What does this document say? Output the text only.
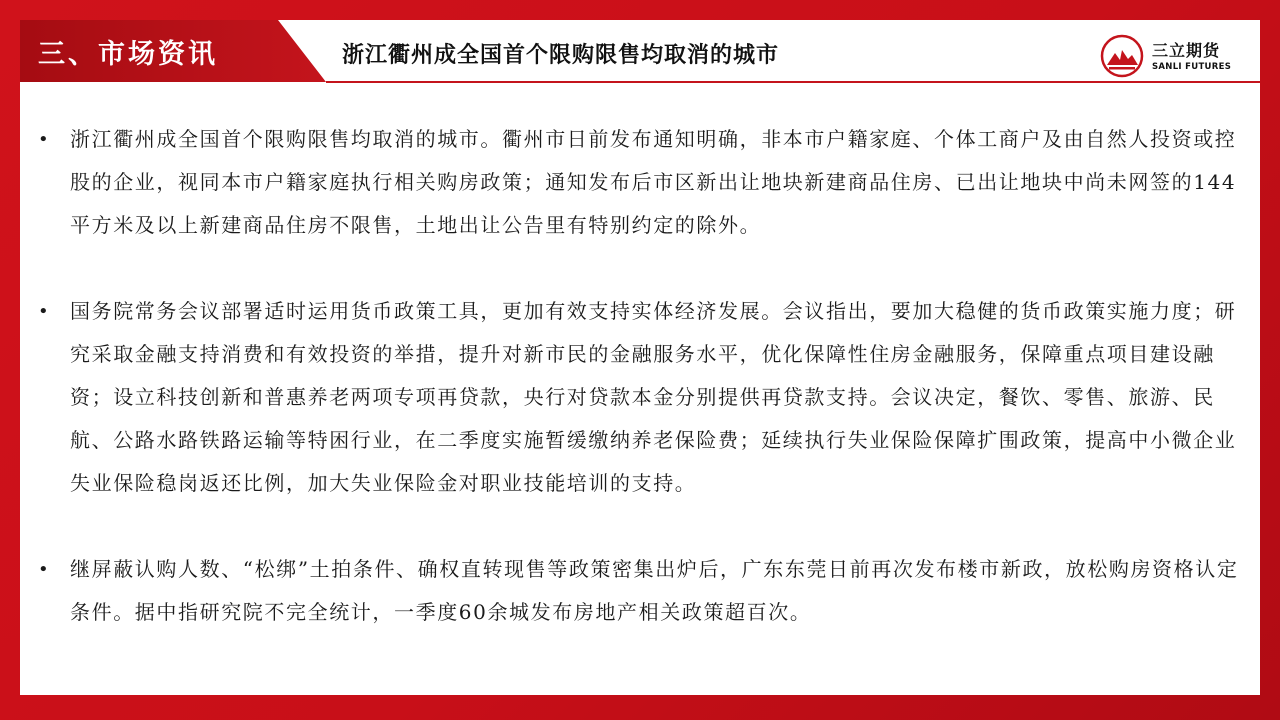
三、市场资讯	浙江衢州成全国首个限购限售均取消的城市	三立期货
SANLI FUTURES
• 浙江衢州成全国首个限购限售均取消的城市。衢州市日前发布通知明确，非本市户籍家庭、个体工商户及由自然人投资或控股的企业，视同本市户籍家庭执行相关购房政策；通知发布后市区新出让地块新建商品住房、已出让地块中尚未网签的144平方米及以上新建商品住房不限售，土地出让公告里有特别约定的除外。
• 国务院常务会议部署适时运用货币政策工具，更加有效支持实体经济发展。会议指出，要加大稳健的货币政策实施力度；研究采取金融支持消费和有效投资的举措，提升对新市民的金融服务水平，优化保障性住房金融服务，保障重点项目建设融资；设立科技创新和普惠养老两项专项再贷款，央行对贷款本金分别提供再贷款支持。会议决定，餐饮、零售、旅游、民航、公路水路铁路运输等特困行业，在二季度实施暂缓缴纳养老保险费；延续执行失业保险保障扩围政策，提高中小微企业失业保险稳岗返还比例，加大失业保险金对职业技能培训的支持。
• 继屏蔽认购人数、“松绑”土拍条件、确权直转现售等政策密集出炉后，广东东莞日前再次发布楼市新政，放松购房资格认定条件。据中指研究院不完全统计，一季度60余城发布房地产相关政策超百次。
